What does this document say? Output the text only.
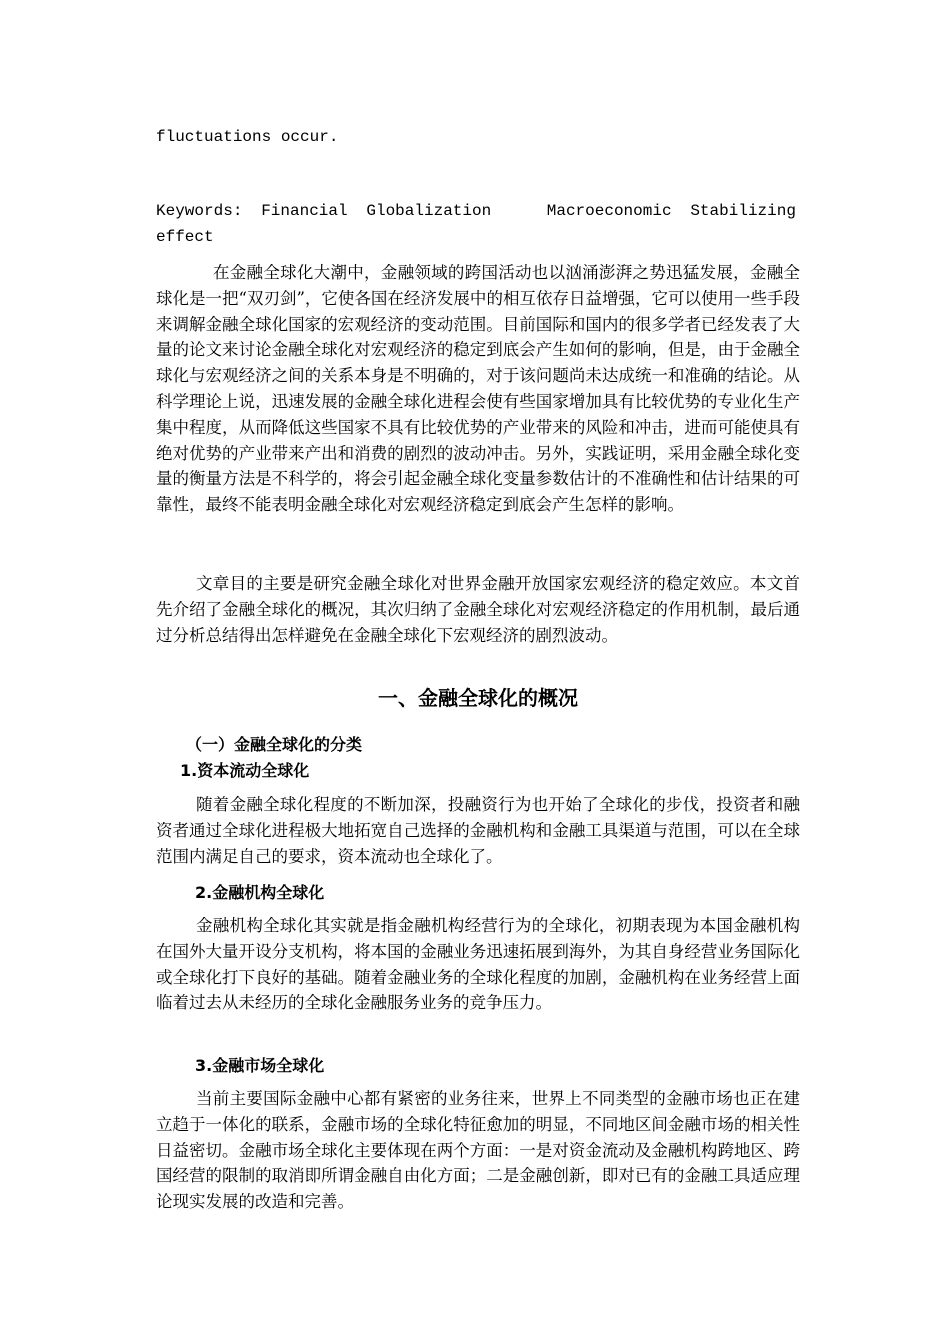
fluctuations occur.
Keywords: Financial Globalization	Macroeconomic Stabilizing
effect

在金融全球化大潮中，金融领域的跨国活动也以汹涌澎湃之势迅猛发展，金融全球化是一把“双刃剑”，它使各国在经济发展中的相互依存日益增强，它可以使用一些手段来调解金融全球化国家的宏观经济的变动范围。目前国际和国内的很多学者已经发表了大量的论文来讨论金融全球化对宏观经济的稳定到底会产生如何的影响，但是，由于金融全球化与宏观经济之间的关系本身是不明确的，对于该问题尚未达成统一和准确的结论。从科学理论上说，迅速发展的金融全球化进程会使有些国家增加具有比较优势的专业化生产集中程度，从而降低这些国家不具有比较优势的产业带来的风险和冲击，进而可能使具有绝对优势的产业带来产出和消费的剧烈的波动冲击。另外，实践证明，采用金融全球化变量的衡量方法是不科学的，将会引起金融全球化变量参数估计的不准确性和估计结果的可靠性，最终不能表明金融全球化对宏观经济稳定到底会产生怎样的影响。

文章目的主要是研究金融全球化对世界金融开放国家宏观经济的稳定效应。本文首先介绍了金融全球化的概况，其次归纳了金融全球化对宏观经济稳定的作用机制，最后通过分析总结得出怎样避免在金融全球化下宏观经济的剧烈波动。

一、金融全球化的概况
（一）金融全球化的分类
1.资本流动全球化

随着金融全球化程度的不断加深，投融资行为也开始了全球化的步伐，投资者和融资者通过全球化进程极大地拓宽自己选择的金融机构和金融工具渠道与范围，可以在全球范围内满足自己的要求，资本流动也全球化了。

2.金融机构全球化

金融机构全球化其实就是指金融机构经营行为的全球化，初期表现为本国金融机构在国外大量开设分支机构，将本国的金融业务迅速拓展到海外，为其自身经营业务国际化或全球化打下良好的基础。随着金融业务的全球化程度的加剧，金融机构在业务经营上面临着过去从未经历的全球化金融服务业务的竞争压力。

3.金融市场全球化

当前主要国际金融中心都有紧密的业务往来，世界上不同类型的金融市场也正在建立趋于一体化的联系，金融市场的全球化特征愈加的明显，不同地区间金融市场的相关性日益密切。金融市场全球化主要体现在两个方面：一是对资金流动及金融机构跨地区、跨国经营的限制的取消即所谓金融自由化方面；二是金融创新，即对已有的金融工具适应理论现实发展的改造和完善。
